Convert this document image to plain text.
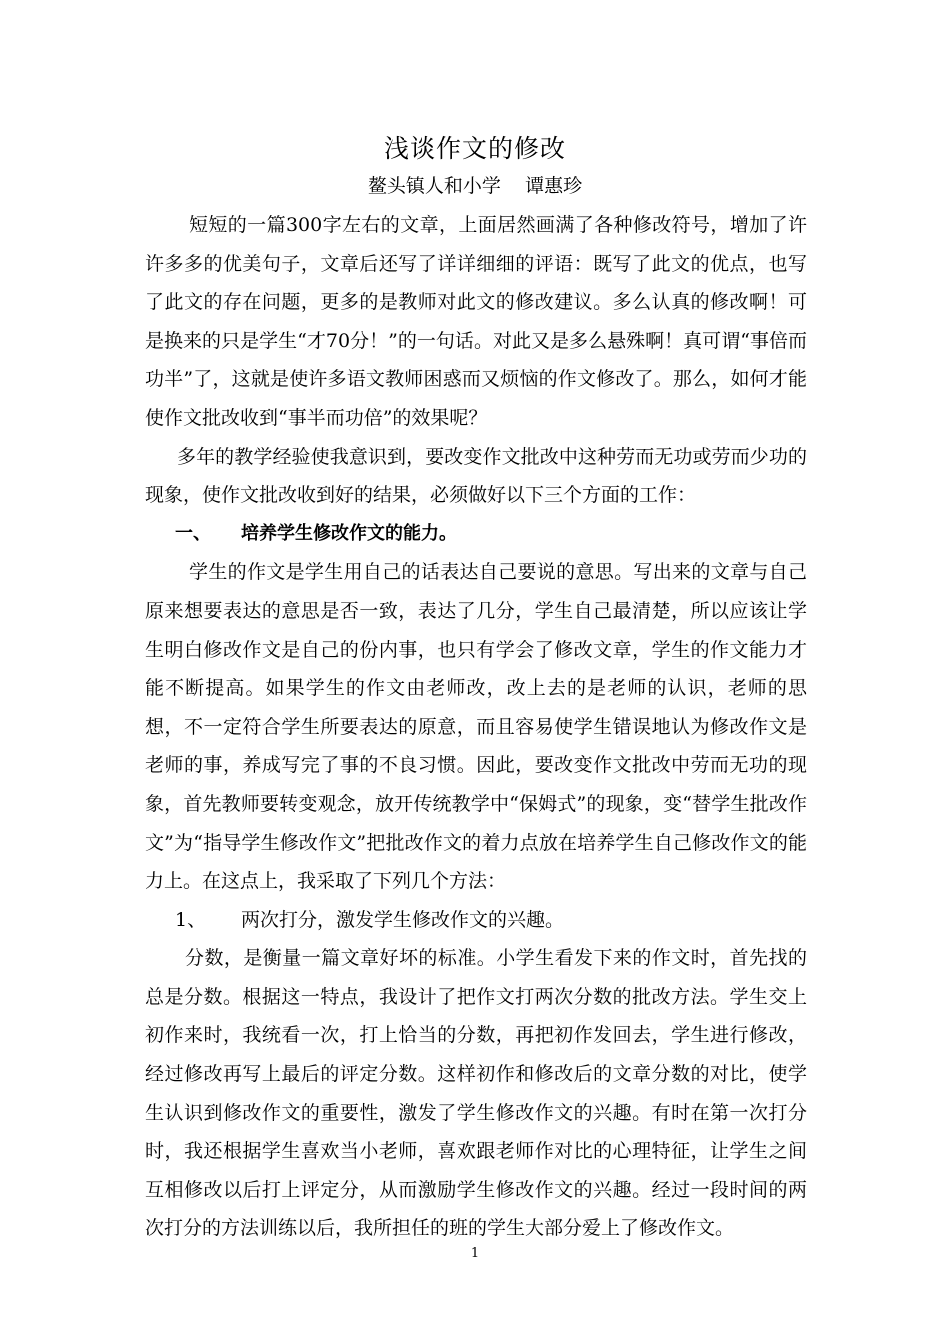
浅谈作文的修改
鳌头镇人和小学    谭惠珍

短短的一篇300字左右的文章，上面居然画满了各种修改符号，增加了许许多多的优美句子，文章后还写了详详细细的评语：既写了此文的优点，也写了此文的存在问题，更多的是教师对此文的修改建议。多么认真的修改啊！可是换来的只是学生“才70分！”的一句话。对此又是多么悬殊啊！真可谓“事倍而功半”了，这就是使许多语文教师困惑而又烦恼的作文修改了。那么，如何才能使作文批改收到“事半而功倍”的效果呢？

多年的教学经验使我意识到，要改变作文批改中这种劳而无功或劳而少功的现象，使作文批改收到好的结果，必须做好以下三个方面的工作：

一、	培养学生修改作文的能力。

学生的作文是学生用自己的话表达自己要说的意思。写出来的文章与自己原来想要表达的意思是否一致，表达了几分，学生自己最清楚，所以应该让学生明白修改作文是自己的份内事，也只有学会了修改文章，学生的作文能力才能不断提高。如果学生的作文由老师改，改上去的是老师的认识，老师的思想，不一定符合学生所要表达的原意，而且容易使学生错误地认为修改作文是老师的事，养成写完了事的不良习惯。因此，要改变作文批改中劳而无功的现象，首先教师要转变观念，放开传统教学中“保姆式”的现象，变“替学生批改作文”为“指导学生修改作文”把批改作文的着力点放在培养学生自己修改作文的能力上。在这点上，我采取了下列几个方法：

1、	两次打分，激发学生修改作文的兴趣。

分数，是衡量一篇文章好坏的标准。小学生看发下来的作文时，首先找的总是分数。根据这一特点，我设计了把作文打两次分数的批改方法。学生交上初作来时，我统看一次，打上恰当的分数，再把初作发回去，学生进行修改，经过修改再写上最后的评定分数。这样初作和修改后的文章分数的对比，使学生认识到修改作文的重要性，激发了学生修改作文的兴趣。有时在第一次打分时，我还根据学生喜欢当小老师，喜欢跟老师作对比的心理特征，让学生之间互相修改以后打上评定分，从而激励学生修改作文的兴趣。经过一段时间的两次打分的方法训练以后，我所担任的班的学生大部分爱上了修改作文。

1
